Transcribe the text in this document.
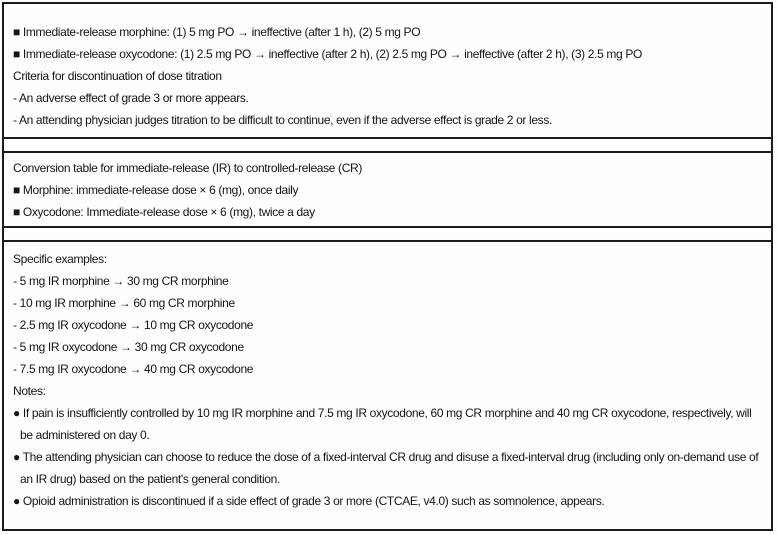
■ Immediate-release morphine: (1) 5 mg PO → ineffective (after 1 h), (2) 5 mg PO
■ Immediate-release oxycodone: (1) 2.5 mg PO → ineffective (after 2 h), (2) 2.5 mg PO → ineffective (after 2 h), (3) 2.5 mg PO
Criteria for discontinuation of dose titration
- An adverse effect of grade 3 or more appears.
- An attending physician judges titration to be difficult to continue, even if the adverse effect is grade 2 or less.
Conversion table for immediate-release (IR) to controlled-release (CR)
■ Morphine: immediate-release dose × 6 (mg), once daily
■ Oxycodone: Immediate-release dose × 6 (mg), twice a day
Specific examples:
- 5 mg IR morphine → 30 mg CR morphine
- 10 mg IR morphine → 60 mg CR morphine
- 2.5 mg IR oxycodone → 10 mg CR oxycodone
- 5 mg IR oxycodone → 30 mg CR oxycodone
- 7.5 mg IR oxycodone → 40 mg CR oxycodone
Notes:
● If pain is insufficiently controlled by 10 mg IR morphine and 7.5 mg IR oxycodone, 60 mg CR morphine and 40 mg CR oxycodone, respectively, will be administered on day 0.
● The attending physician can choose to reduce the dose of a fixed-interval CR drug and disuse a fixed-interval drug (including only on-demand use of an IR drug) based on the patient's general condition.
● Opioid administration is discontinued if a side effect of grade 3 or more (CTCAE, v4.0) such as somnolence, appears.
